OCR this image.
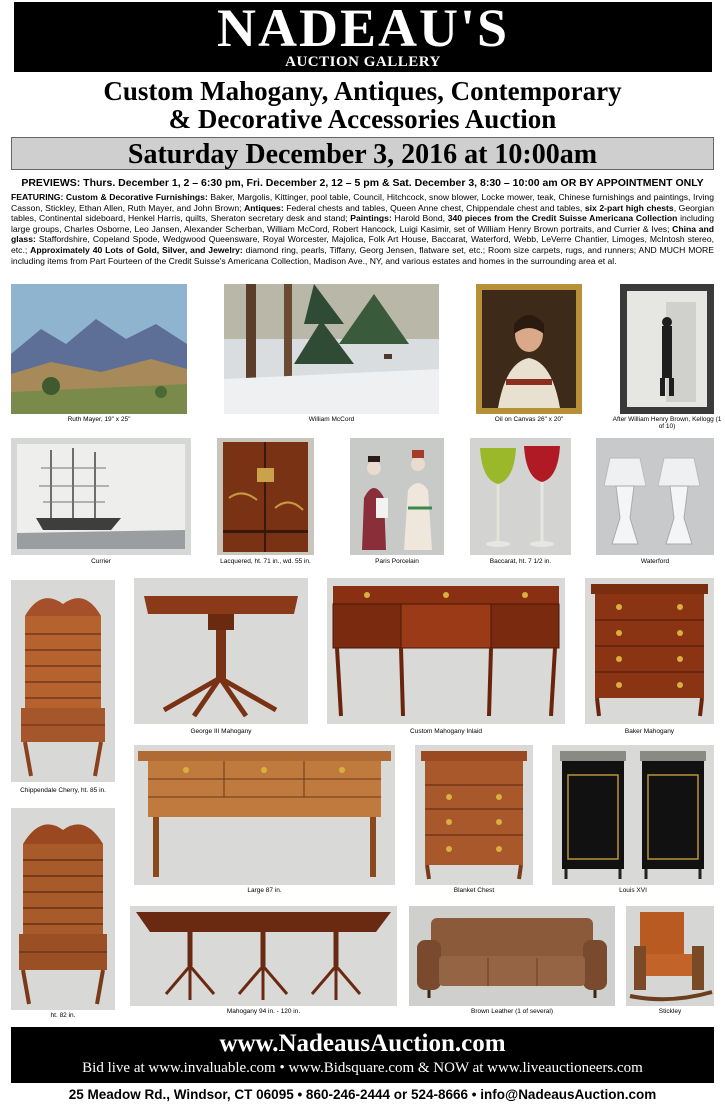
NADEAU'S
AUCTION GALLERY
Custom Mahogany, Antiques, Contemporary
& Decorative Accessories Auction
Saturday December 3, 2016 at 10:00am
PREVIEWS: Thurs. December 1, 2 – 6:30 pm, Fri. December 2, 12 – 5 pm & Sat. December 3, 8:30 – 10:00 am OR BY APPOINTMENT ONLY
FEATURING: Custom & Decorative Furnishings: Baker, Margolis, Kittinger, pool table, Council, Hitchcock, snow blower, Locke mower, teak, Chinese furnishings and paintings, Irving Casson, Stickley, Ethan Allen, Ruth Mayer, and John Brown; Antiques: Federal chests and tables, Queen Anne chest, Chippendale chest and tables, six 2-part high chests, Georgian tables, Continental sideboard, Henkel Harris, quilts, Sheraton secretary desk and stand; Paintings: Harold Bond, 340 pieces from the Credit Suisse Americana Collection including large groups, Charles Osborne, Leo Jansen, Alexander Scherban, William McCord, Robert Hancock, Luigi Kasimir, set of William Henry Brown portraits, and Currier & Ives; China and glass: Staffordshire, Copeland Spode, Wedgwood Queensware, Royal Worcester, Majolica, Folk Art House, Baccarat, Waterford, Webb, LeVerre Chantier, Limoges, McIntosh stereo, etc.; Approximately 40 Lots of Gold, Silver, and Jewelry: diamond ring, pearls, Tiffany, Georg Jensen, flatware set, etc.; Room size carpets, rugs, and runners; AND MUCH MORE including items from Part Fourteen of the Credit Suisse's Americana Collection, Madison Ave., NY, and various estates and homes in the surrounding area et al.
Ruth Mayer, 19" x 25"	William McCord	Oil on Canvas 26" x 20"	After William Henry Brown, Kellogg (1 of 10)
Currier	Lacquered, ht. 71 in., wd. 55 in.	Paris Porcelain	Baccarat, ht. 7 1/2 in.	Waterford
Chippendale Cherry, ht. 85 in.
George III Mahogany	Custom Mahogany Inlaid	Baker Mahogany
Large 87 in.	Blanket Chest	Louis XVI
ht. 82 in.
Mahogany 94 in. - 120 in.	Brown Leather (1 of several)	Stickley
www.NadeausAuction.com
Bid live at www.invaluable.com • www.Bidsquare.com & NOW at www.liveauctioneers.com
25 Meadow Rd., Windsor, CT 06095 • 860-246-2444 or 524-8666 • info@NadeausAuction.com
